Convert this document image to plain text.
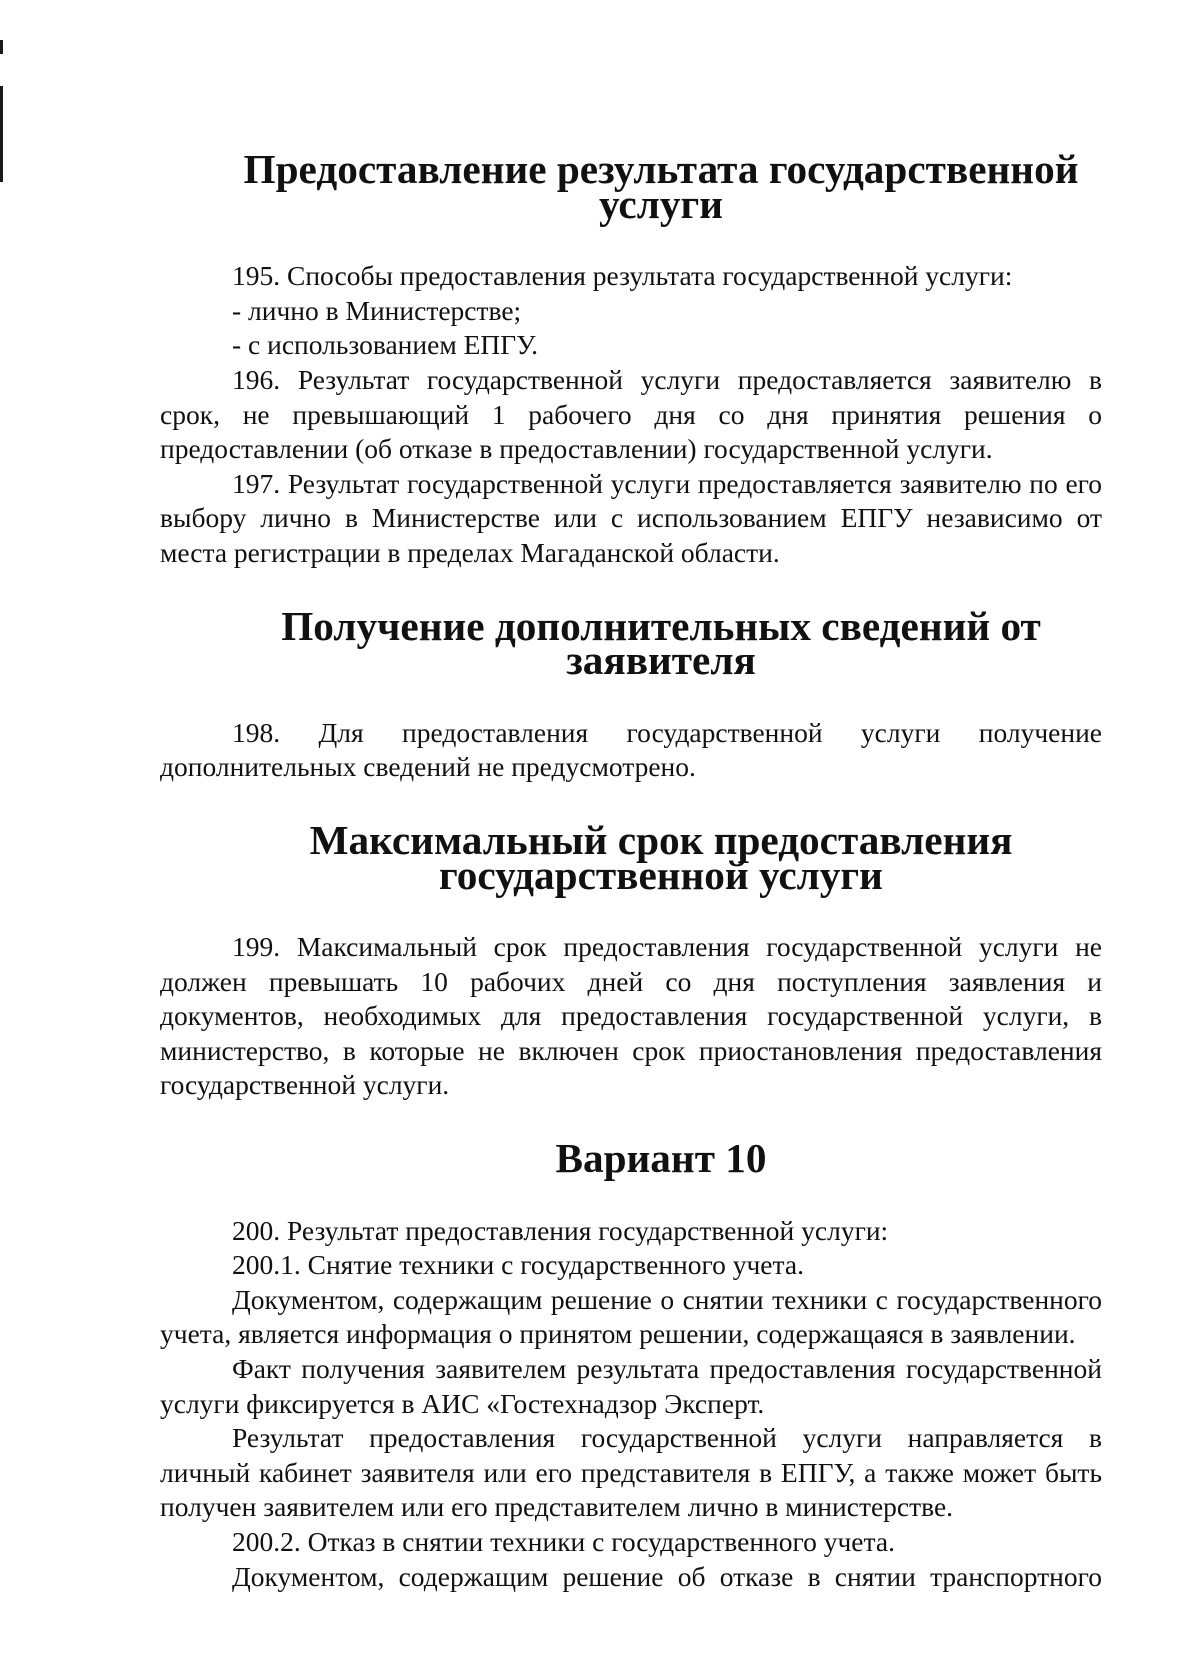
Предоставление результата государственной услуги

195. Способы предоставления результата государственной услуги:

- лично в Министерстве;

- с использованием ЕПГУ.

196. Результат государственной услуги предоставляется заявителю в срок, не превышающий 1 рабочего дня со дня принятия решения о предоставлении (об отказе в предоставлении) государственной услуги.

197. Результат государственной услуги предоставляется заявителю по его выбору лично в Министерстве или с использованием ЕПГУ независимо от места регистрации в пределах Магаданской области.

Получение дополнительных сведений от заявителя

198. Для предоставления государственной услуги получение дополнительных сведений не предусмотрено.

Максимальный срок предоставления государственной услуги

199. Максимальный срок предоставления государственной услуги не должен превышать 10 рабочих дней со дня поступления заявления и документов, необходимых для предоставления государственной услуги, в министерство, в которые не включен срок приостановления предоставления государственной услуги.

Вариант 10

200. Результат предоставления государственной услуги:

200.1. Снятие техники с государственного учета.

Документом, содержащим решение о снятии техники с государственного учета, является информация о принятом решении, содержащаяся в заявлении.

Факт получения заявителем результата предоставления государственной услуги фиксируется в АИС «Гостехнадзор Эксперт.

Результат предоставления государственной услуги направляется в личный кабинет заявителя или его представителя в ЕПГУ, а также может быть получен заявителем или его представителем лично в министерстве.

200.2. Отказ в снятии техники с государственного учета.

Документом, содержащим решение об отказе в снятии транспортного
